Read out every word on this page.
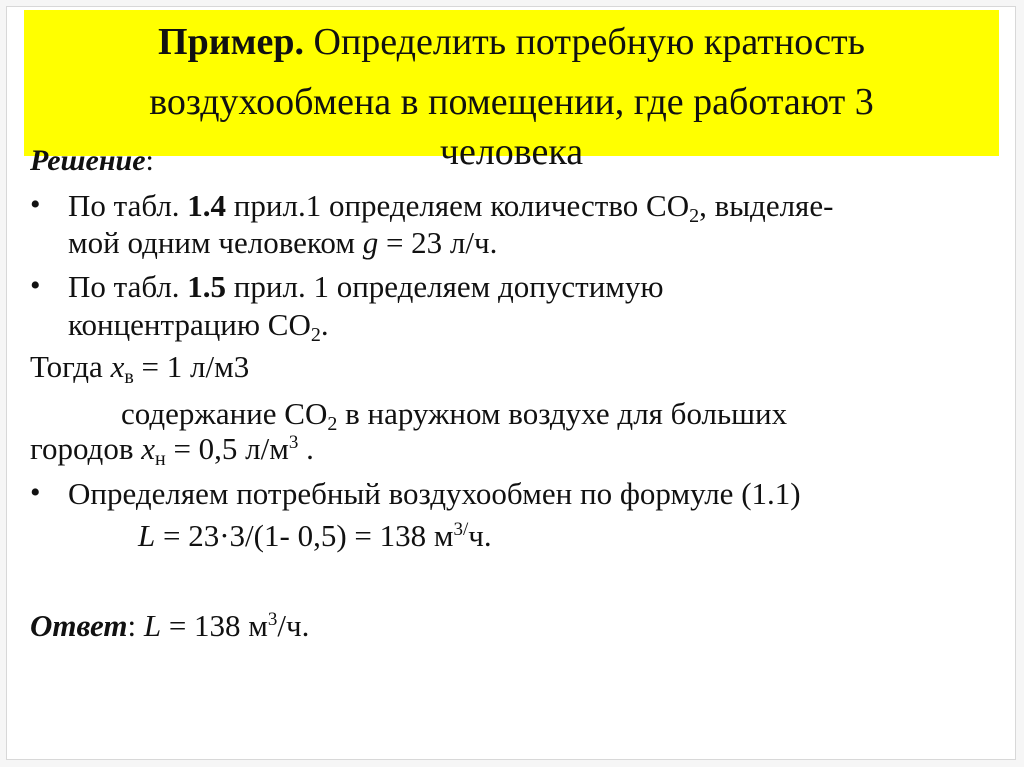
Пример. Определить потребную кратность
воздухообмена в помещении, где работают 3
человека
Решение:
• По табл. 1.4 прил.1 определяем количество $СО_2$, выделяе-
мой одним человеком g = 23 л/ч.
• По табл. 1.5 прил. 1 определяем допустимую
концентрацию $СО_2$.
Тогда $x_в = 1$ л/м3
содержание $СО_2$ в наружном воздухе для больших
городов $x_н = 0,5$ $л/м^3$ .
• Определяем потребный воздухообмен по формуле (1.1)
L = 23·3/(1- 0,5) = 138 $м^{3/}ч$.
Ответ: L = 138 $м^3/ч$.
